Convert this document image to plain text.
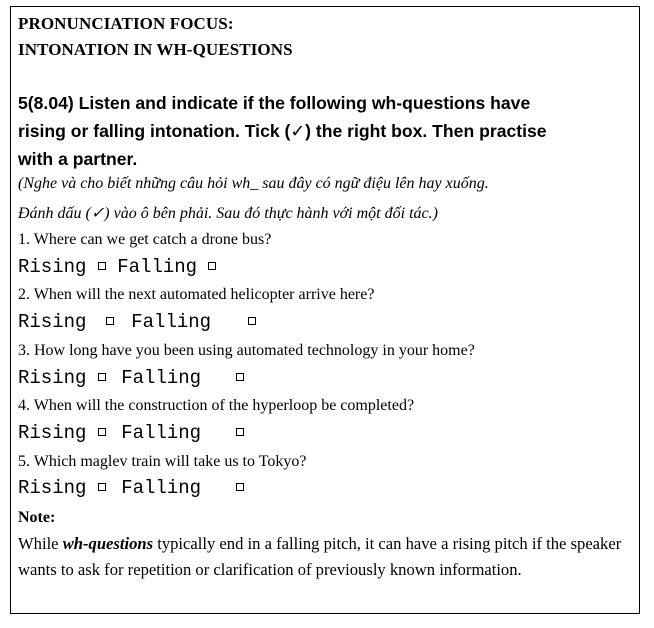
PRONUNCIATION FOCUS:
INTONATION IN WH-QUESTIONS
5(8.04) Listen and indicate if the following wh-questions have
rising or falling intonation. Tick (✓) the right box. Then practise
with a partner.
(Nghe và cho biết những câu hỏi wh_ sau đây có ngữ điệu lên hay xuống.
Đánh dấu (✓) vào ô bên phải. Sau đó thực hành với một đối tác.)
1. Where can we get catch a drone bus?
Rising Falling
2. When will the next automated helicopter arrive here?
Rising Falling
3. How long have you been using automated technology in your home?
Rising Falling
4. When will the construction of the hyperloop be completed?
Rising Falling
5. Which maglev train will take us to Tokyo?
Rising Falling
Note:
While wh-questions typically end in a falling pitch, it can have a rising pitch if the speaker wants to ask for repetition or clarification of previously known information.
